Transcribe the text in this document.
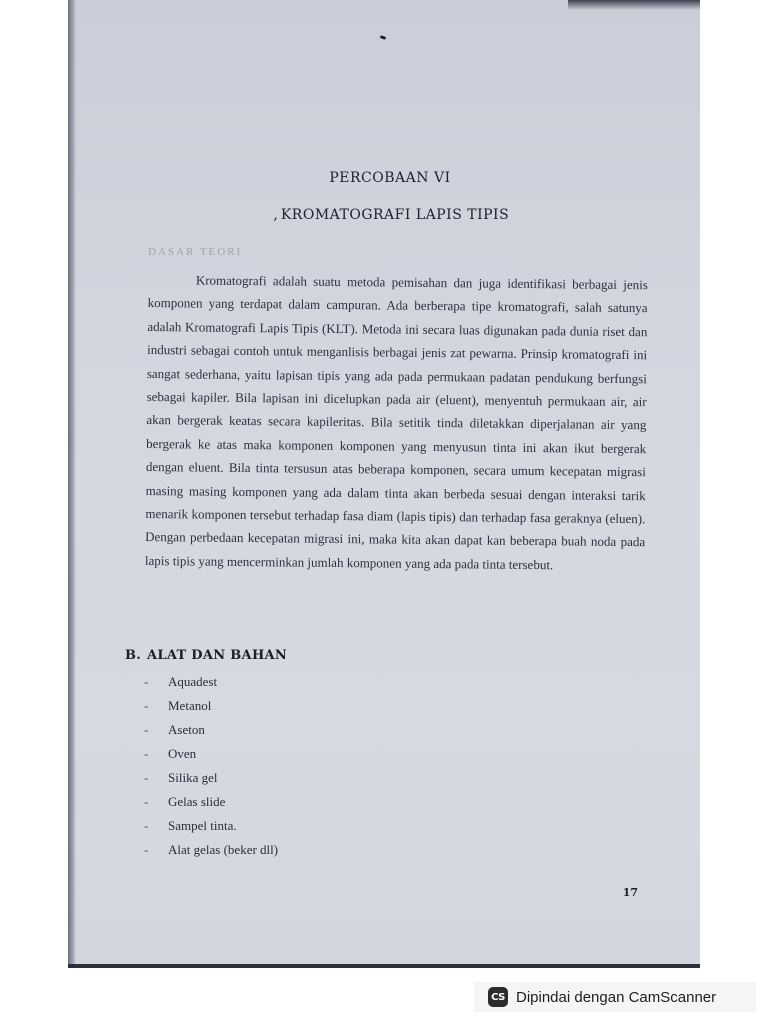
PERCOBAAN VI
, KROMATOGRAFI LAPIS TIPIS
DASAR TEORI
Kromatografi adalah suatu metoda pemisahan dan juga identifikasi berbagai jenis komponen yang terdapat dalam campuran. Ada berberapa tipe kromatografi, salah satunya adalah Kromatografi Lapis Tipis (KLT). Metoda ini secara luas digunakan pada dunia riset dan industri sebagai contoh untuk menganlisis berbagai jenis zat pewarna. Prinsip kromatografi ini sangat sederhana, yaitu lapisan tipis yang ada pada permukaan padatan pendukung berfungsi sebagai kapiler. Bila lapisan ini dicelupkan pada air (eluent), menyentuh permukaan air, air akan bergerak keatas secara kapileritas. Bila setitik tinda diletakkan diperjalanan air yang bergerak ke atas maka komponen komponen yang menyusun tinta ini akan ikut bergerak dengan eluent. Bila tinta tersusun atas beberapa komponen, secara umum kecepatan migrasi masing masing komponen yang ada dalam tinta akan berbeda sesuai dengan interaksi tarik menarik komponen tersebut terhadap fasa diam (lapis tipis) dan terhadap fasa geraknya (eluen). Dengan perbedaan kecepatan migrasi ini, maka kita akan dapat kan beberapa buah noda pada lapis tipis yang mencerminkan jumlah komponen yang ada pada tinta tersebut.
B. ALAT DAN BAHAN
-	Aquadest
-	Metanol
-	Aseton
-	Oven
-	Silika gel
-	Gelas slide
-	Sampel tinta.
-	Alat gelas (beker dll)
17
CS Dipindai dengan CamScanner
